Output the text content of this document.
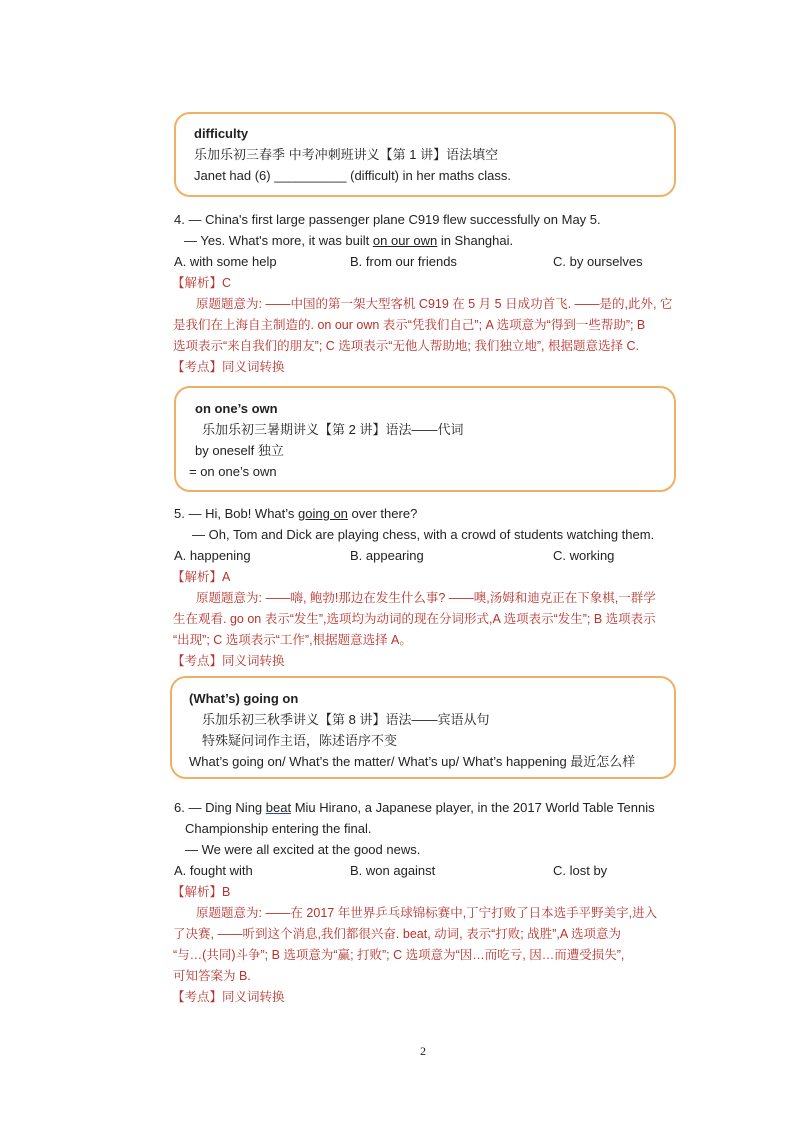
difficulty
乐加乐初三春季 中考冲刺班讲义【第 1 讲】语法填空
Janet had (6) __________ (difficult) in her maths class.
4. — China's first large passenger plane C919 flew successfully on May 5.
— Yes. What's more, it was built on our own in Shanghai.
A. with some help	B. from our friends	C. by ourselves
【解析】C
原题题意为: ——中国的第一架大型客机 C919 在 5 月 5 日成功首飞. ——是的,此外, 它
是我们在上海自主制造的. on our own 表示“凭我们自己”; A 选项意为“得到一些帮助”; B
选项表示“来自我们的朋友”; C 选项表示“无他人帮助地; 我们独立地”, 根据题意选择 C.
【考点】同义词转换
on one’s own
乐加乐初三暑期讲义【第 2 讲】语法——代词
by oneself 独立
= on one’s own
5. — Hi, Bob! What’s going on over there?
— Oh, Tom and Dick are playing chess, with a crowd of students watching them.
A. happening	B. appearing	C. working
【解析】A
原题题意为: ——嗨, 鲍勃!那边在发生什么事? ——噢,汤姆和迪克正在下象棋,一群学
生在观看. go on 表示“发生”,选项均为动词的现在分词形式,A 选项表示“发生”; B 选项表示
“出现”; C 选项表示“工作”,根据题意选择 A。
【考点】同义词转换
(What’s) going on
乐加乐初三秋季讲义【第 8 讲】语法——宾语从句
特殊疑问词作主语，陈述语序不变
What’s going on/ What’s the matter/ What’s up/ What’s happening 最近怎么样
6. — Ding Ning beat Miu Hirano, a Japanese player, in the 2017 World Table Tennis
Championship entering the final.
— We were all excited at the good news.
A. fought with	B. won against	C. lost by
【解析】B
原题题意为: ——在 2017 年世界乒乓球锦标赛中,丁宁打败了日本选手平野美宇,进入
了决赛, ——听到这个消息,我们都很兴奋. beat, 动词, 表示“打败; 战胜”,A 选项意为
“与…(共同)斗争”; B 选项意为“赢; 打败”; C 选项意为“因…而吃亏, 因…而遭受损失”,
可知答案为 B.
【考点】同义词转换
2
